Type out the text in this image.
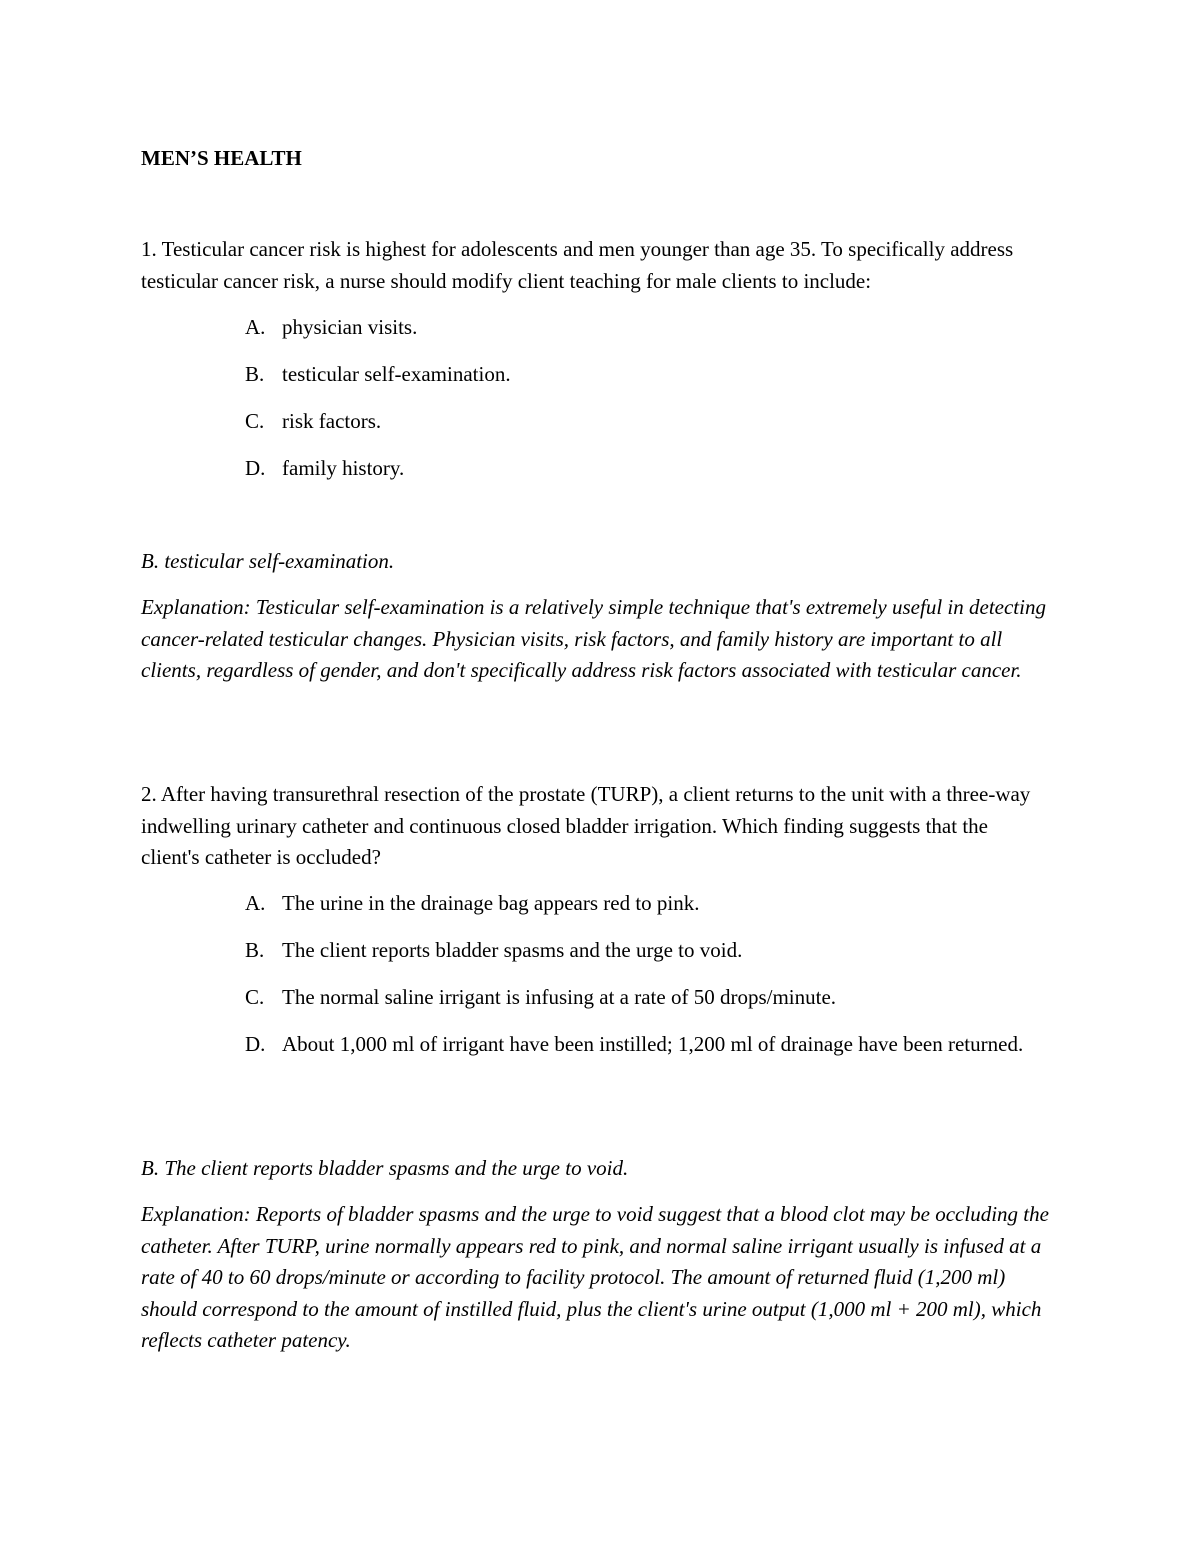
MEN’S HEALTH
1. Testicular cancer risk is highest for adolescents and men younger than age 35. To specifically address testicular cancer risk, a nurse should modify client teaching for male clients to include:
A. physician visits.
B. testicular self-examination.
C. risk factors.
D. family history.
B. testicular self-examination.
Explanation: Testicular self-examination is a relatively simple technique that's extremely useful in detecting cancer-related testicular changes. Physician visits, risk factors, and family history are important to all clients, regardless of gender, and don't specifically address risk factors associated with testicular cancer.
2. After having transurethral resection of the prostate (TURP), a client returns to the unit with a three-way indwelling urinary catheter and continuous closed bladder irrigation. Which finding suggests that the client's catheter is occluded?
A. The urine in the drainage bag appears red to pink.
B. The client reports bladder spasms and the urge to void.
C. The normal saline irrigant is infusing at a rate of 50 drops/minute.
D. About 1,000 ml of irrigant have been instilled; 1,200 ml of drainage have been returned.
B. The client reports bladder spasms and the urge to void.
Explanation: Reports of bladder spasms and the urge to void suggest that a blood clot may be occluding the catheter. After TURP, urine normally appears red to pink, and normal saline irrigant usually is infused at a rate of 40 to 60 drops/minute or according to facility protocol. The amount of returned fluid (1,200 ml) should correspond to the amount of instilled fluid, plus the client's urine output (1,000 ml + 200 ml), which reflects catheter patency.
